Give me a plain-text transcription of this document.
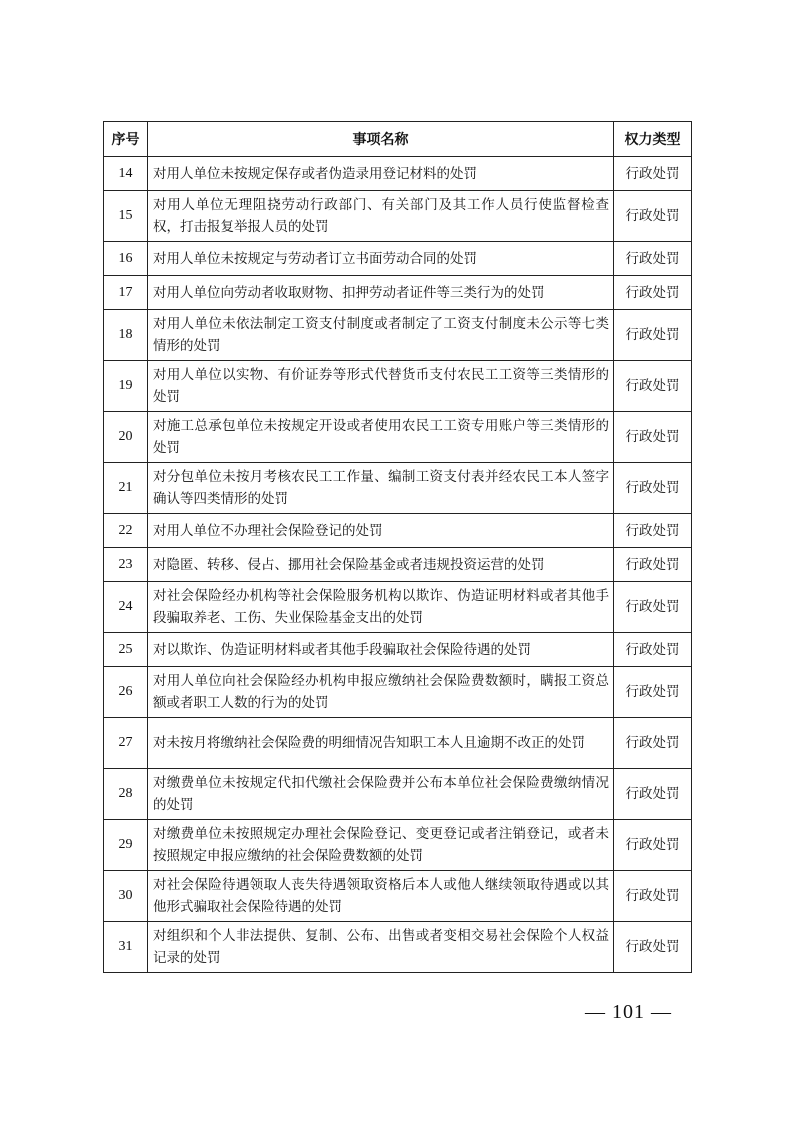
序号	事项名称	权力类型
14	对用人单位未按规定保存或者伪造录用登记材料的处罚	行政处罚
15	对用人单位无理阻挠劳动行政部门、有关部门及其工作人员行使监督检查权，打击报复举报人员的处罚	行政处罚
16	对用人单位未按规定与劳动者订立书面劳动合同的处罚	行政处罚
17	对用人单位向劳动者收取财物、扣押劳动者证件等三类行为的处罚	行政处罚
18	对用人单位未依法制定工资支付制度或者制定了工资支付制度未公示等七类情形的处罚	行政处罚
19	对用人单位以实物、有价证券等形式代替货币支付农民工工资等三类情形的处罚	行政处罚
20	对施工总承包单位未按规定开设或者使用农民工工资专用账户等三类情形的处罚	行政处罚
21	对分包单位未按月考核农民工工作量、编制工资支付表并经农民工本人签字确认等四类情形的处罚	行政处罚
22	对用人单位不办理社会保险登记的处罚	行政处罚
23	对隐匿、转移、侵占、挪用社会保险基金或者违规投资运营的处罚	行政处罚
24	对社会保险经办机构等社会保险服务机构以欺诈、伪造证明材料或者其他手段骗取养老、工伤、失业保险基金支出的处罚	行政处罚
25	对以欺诈、伪造证明材料或者其他手段骗取社会保险待遇的处罚	行政处罚
26	对用人单位向社会保险经办机构申报应缴纳社会保险费数额时，瞒报工资总额或者职工人数的行为的处罚	行政处罚
27	对未按月将缴纳社会保险费的明细情况告知职工本人且逾期不改正的处罚	行政处罚
28	对缴费单位未按规定代扣代缴社会保险费并公布本单位社会保险费缴纳情况的处罚	行政处罚
29	对缴费单位未按照规定办理社会保险登记、变更登记或者注销登记，或者未按照规定申报应缴纳的社会保险费数额的处罚	行政处罚
30	对社会保险待遇领取人丧失待遇领取资格后本人或他人继续领取待遇或以其他形式骗取社会保险待遇的处罚	行政处罚
31	对组织和个人非法提供、复制、公布、出售或者变相交易社会保险个人权益记录的处罚	行政处罚
— 101 —
